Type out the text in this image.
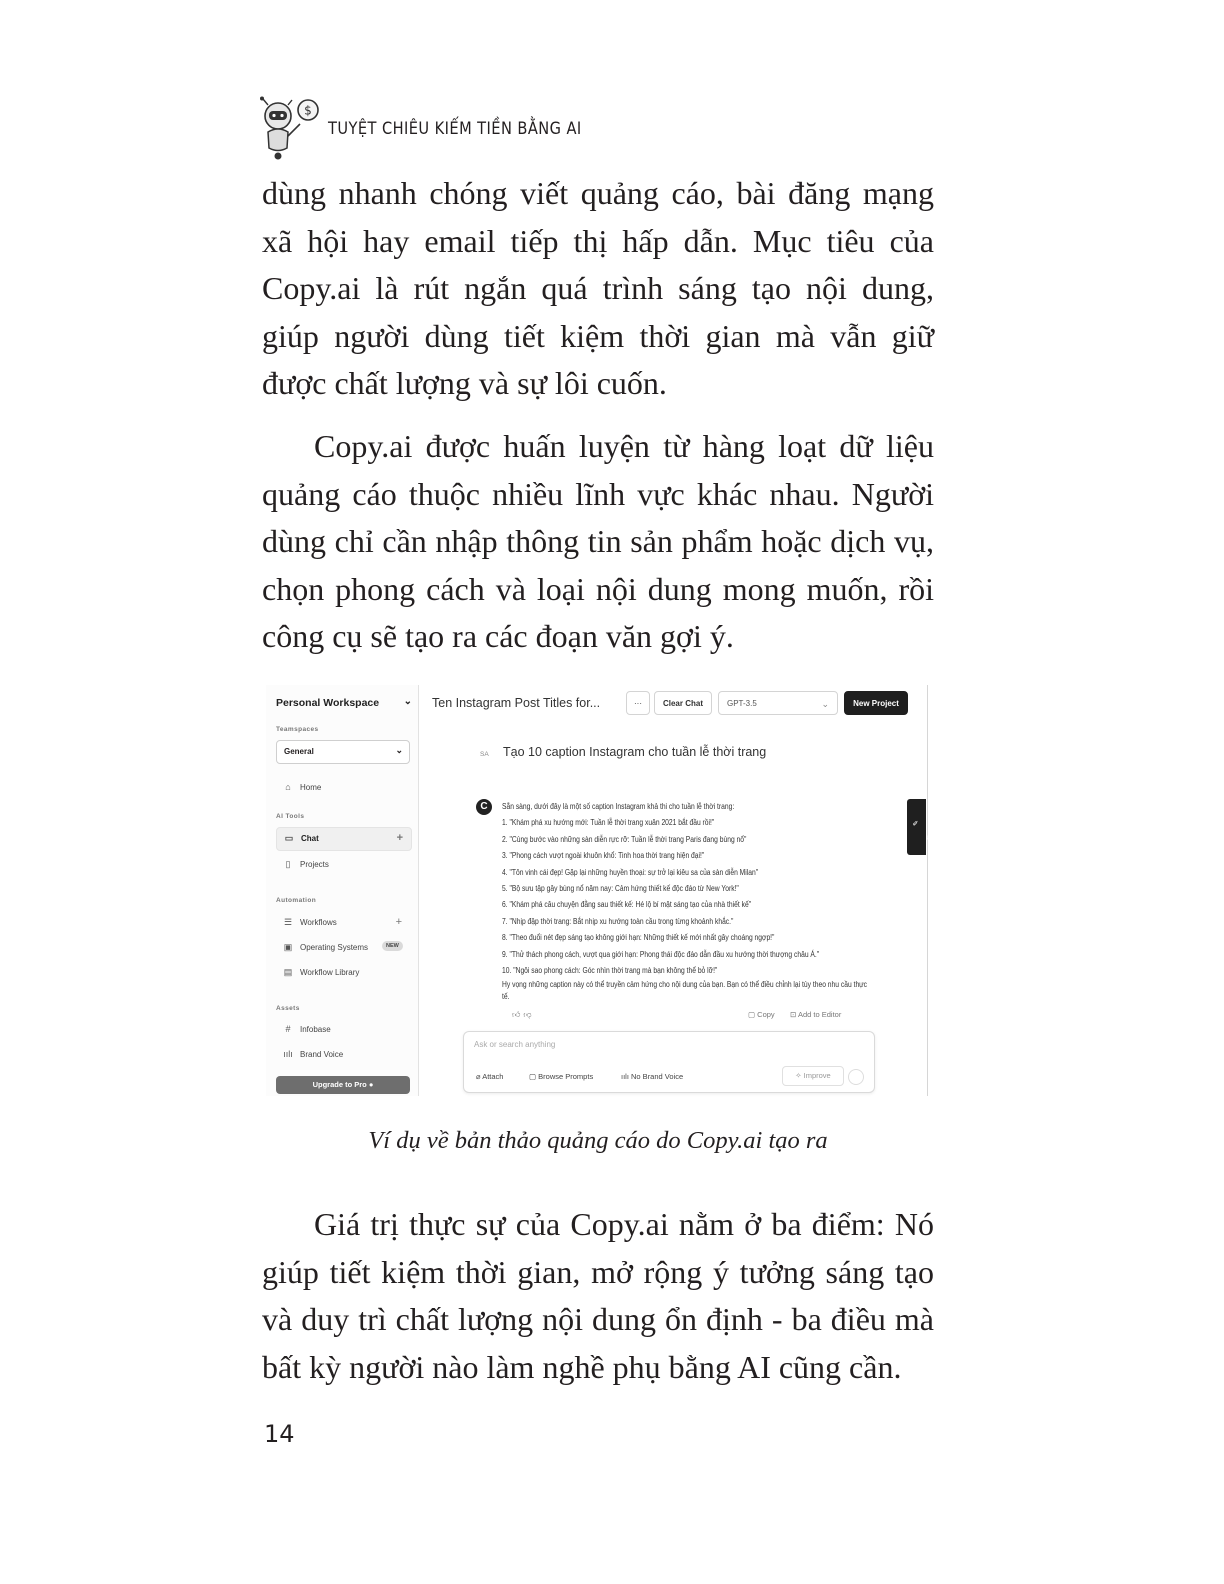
$
TUYỆT CHIÊU KIẾM TIỀN BẰNG AI

dùng nhanh chóng viết quảng cáo, bài đăng mạng xã hội hay email tiếp thị hấp dẫn. Mục tiêu của Copy.ai là rút ngắn quá trình sáng tạo nội dung, giúp người dùng tiết kiệm thời gian mà vẫn giữ được chất lượng và sự lôi cuốn.

Copy.ai được huấn luyện từ hàng loạt dữ liệu quảng cáo thuộc nhiều lĩnh vực khác nhau. Người dùng chỉ cần nhập thông tin sản phẩm hoặc dịch vụ, chọn phong cách và loại nội dung mong muốn, rồi công cụ sẽ tạo ra các đoạn văn gợi ý.

Personal Workspace ⌄
Teamspaces
General	⌄
⌂ Home
AI Tools
▭ Chat	+
▯	Projects
Automation
☰ Workflows	+
▣ Operating Systems	NEW
▤ Workflow Library
Assets
#	Infobase
ıılı Brand Voice
Upgrade to Pro ●
Ten Instagram Post Titles for...	···	Clear Chat	GPT-3.5	⌄	New Project
SA Tạo 10 caption Instagram cho tuần lễ thời trang
C	Sẵn sàng, dưới đây là một số caption Instagram khả thi cho tuần lễ thời trang:
1. "Khám phá xu hướng mới: Tuần lễ thời trang xuân 2021 bắt đầu rồi!"
2. "Cùng bước vào những sàn diễn rực rỡ: Tuần lễ thời trang Paris đang bùng nổ"
3. "Phong cách vượt ngoài khuôn khổ: Tinh hoa thời trang hiện đại!"
4. "Tôn vinh cái đẹp! Gặp lại những huyền thoại: sự trở lại kiêu sa của sàn diễn Milan"
5. "Bộ sưu tập gây bùng nổ năm nay: Cảm hứng thiết kế độc đáo từ New York!"
6. "Khám phá câu chuyện đằng sau thiết kế: Hé lộ bí mật sáng tạo của nhà thiết kế"
7. "Nhịp đập thời trang: Bắt nhịp xu hướng toàn cầu trong từng khoảnh khắc."
8. "Theo đuổi nét đẹp sáng tạo không giới hạn: Những thiết kế mới nhất gây choáng ngợp!"
9. "Thử thách phong cách, vượt qua giới hạn: Phong thái độc đáo dẫn đầu xu hướng thời thượng châu Á."
10. "Ngôi sao phong cách: Góc nhìn thời trang mà bạn không thể bỏ lỡ!"
Hy vọng những caption này có thể truyền cảm hứng cho nội dung của bạn. Bạn có thể điều chỉnh lại tùy theo nhu cầu thực tế.
👍︎👎︎	▢ Copy ⊡ Add to Editor
✎
Editor
Ask or search anything
⌀ Attach	▢ Browse Prompts	ıılı No Brand Voice	✧ Improve
Ví dụ về bản thảo quảng cáo do Copy.ai tạo ra

Giá trị thực sự của Copy.ai nằm ở ba điểm: Nó giúp tiết kiệm thời gian, mở rộng ý tưởng sáng tạo và duy trì chất lượng nội dung ổn định - ba điều mà bất kỳ người nào làm nghề phụ bằng AI cũng cần.

14
